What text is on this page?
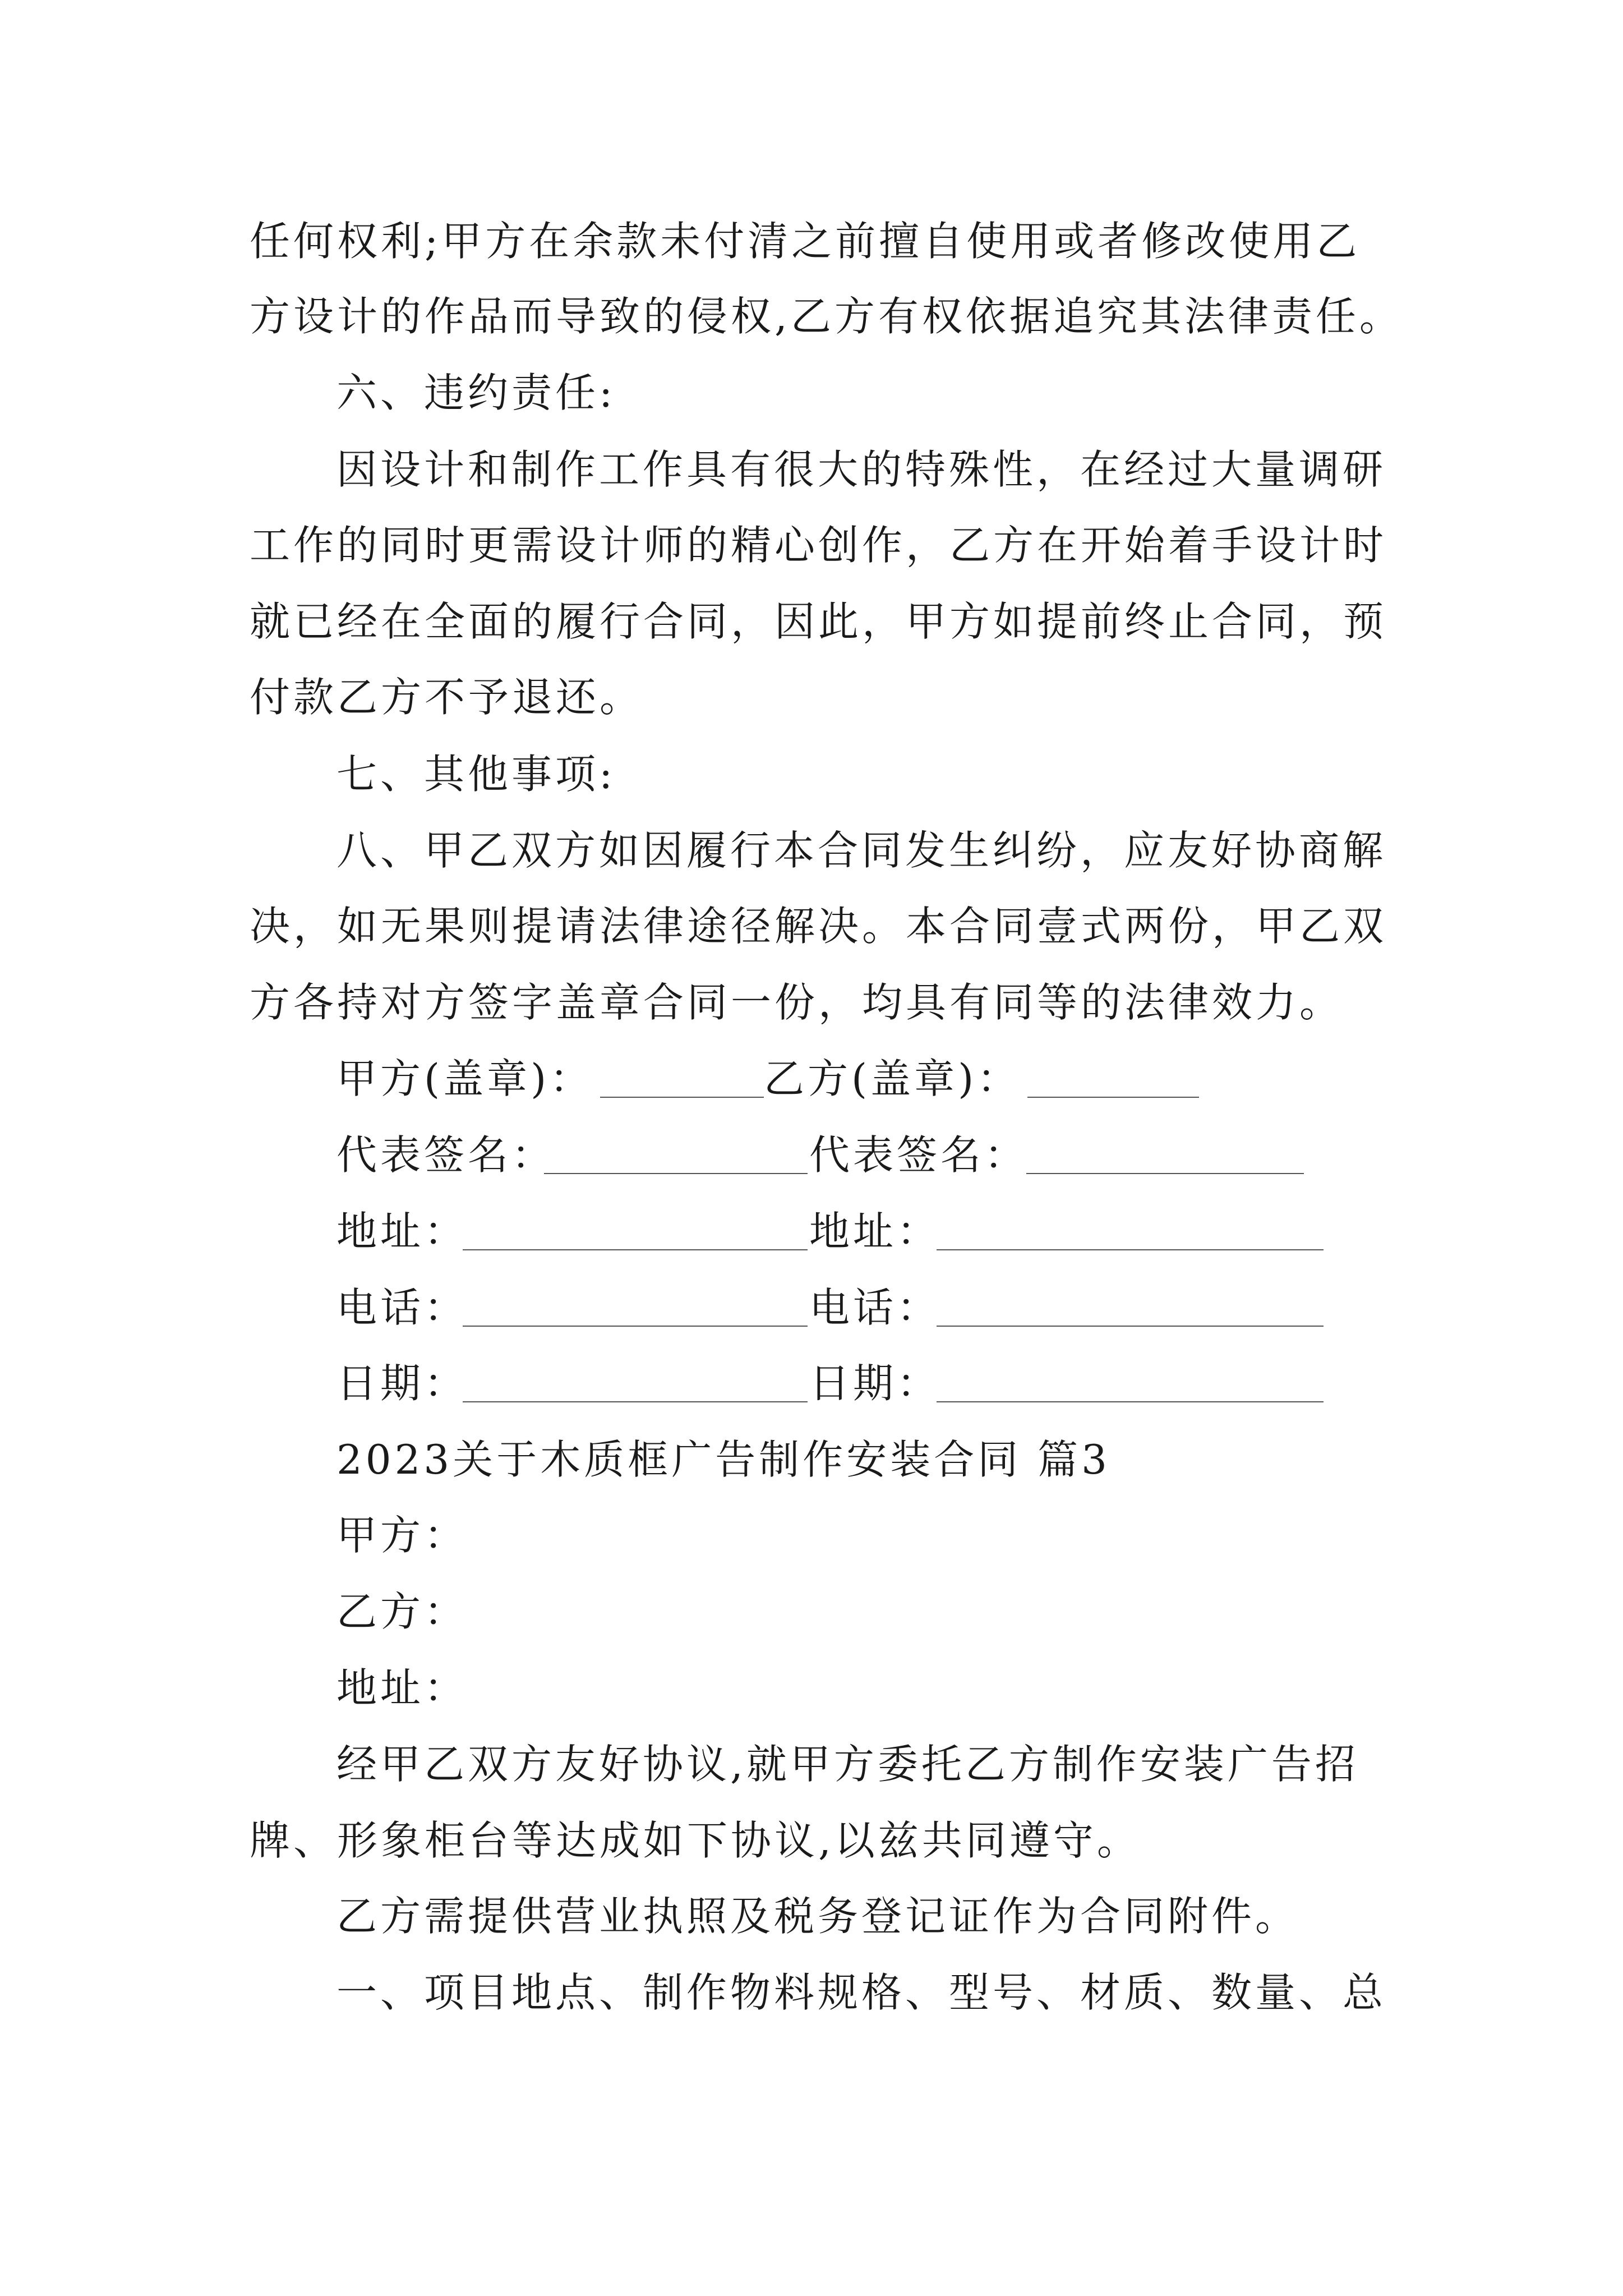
任何权利;甲方在余款未付清之前擅自使用或者修改使用乙
方设计的作品而导致的侵权,乙方有权依据追究其法律责任。
六、违约责任:
因设计和制作工作具有很大的特殊性，在经过大量调研
工作的同时更需设计师的精心创作，乙方在开始着手设计时
就已经在全面的履行合同，因此，甲方如提前终止合同，预
付款乙方不予退还。
七、其他事项:
八、甲乙双方如因履行本合同发生纠纷，应友好协商解
决，如无果则提请法律途径解决。本合同壹式两份，甲乙双
方各持对方签字盖章合同一份，均具有同等的法律效力。
甲方(盖章)：	乙方(盖章)：
代表签名：	代表签名：
地址：	地址：
电话：	电话：
日期：	日期：
2023关于木质框广告制作安装合同 篇3
甲方：
乙方：
地址：
经甲乙双方友好协议,就甲方委托乙方制作安装广告招
牌、形象柜台等达成如下协议,以兹共同遵守。
乙方需提供营业执照及税务登记证作为合同附件。
一、项目地点、制作物料规格、型号、材质、数量、总
